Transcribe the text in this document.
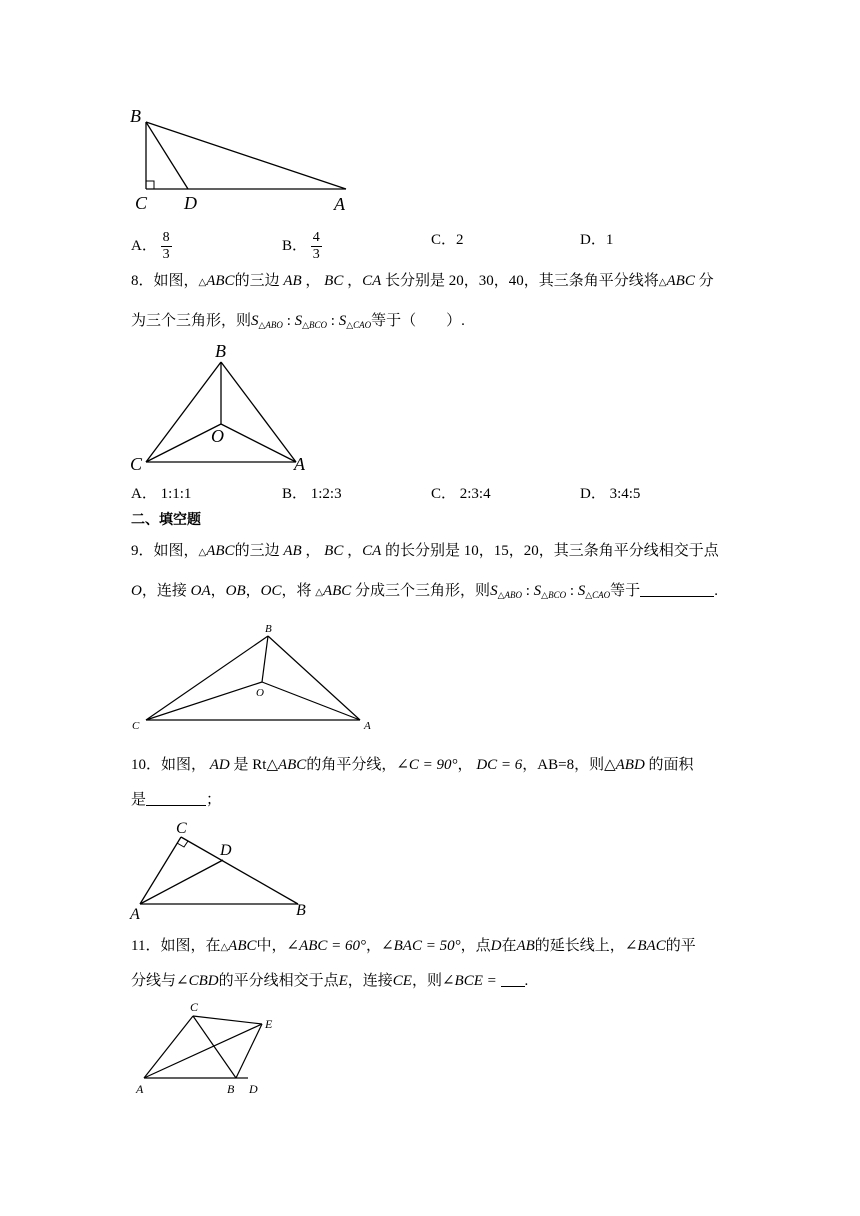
B
C D	A
A． $\frac{8}{3}$	B． $\frac{4}{3}$	C．2	D．1
8．如图，△ABC的三边 AB ， BC ，CA 长分别是 20，30，40，其三条角平分线将△ABC 分
为三个三角形，则$S_{\triangle ABO}$ : $S_{\triangle BCO}$ : $S_{\triangle CAO}$等于（　　）.
B
O
C	A
A． 1:1:1	B． 1:2:3	C． 2:3:4	D． 3:4:5
二、填空题
9．如图，△ABC的三边 AB ， BC ，CA 的长分别是 10，15，20，其三条角平分线相交于点
O，连接 OA，OB，OC，将 △ABC 分成三个三角形，则$S_{\triangle ABO}$ : $S_{\triangle BCO}$ : $S_{\triangle CAO}$等于	.
B
O
C	A
10．如图， AD 是 Rt△ABC的角平分线，∠C = 90°， DC = 6，AB=8，则△ABD 的面积
是	；
C
D
A	B
11．如图，在△ABC中，∠ABC = 60°，∠BAC = 50°，点D在AB的延长线上，∠BAC的平
分线与∠CBD的平分线相交于点E，连接CE，则∠BCE = .
C
E
A	B D
